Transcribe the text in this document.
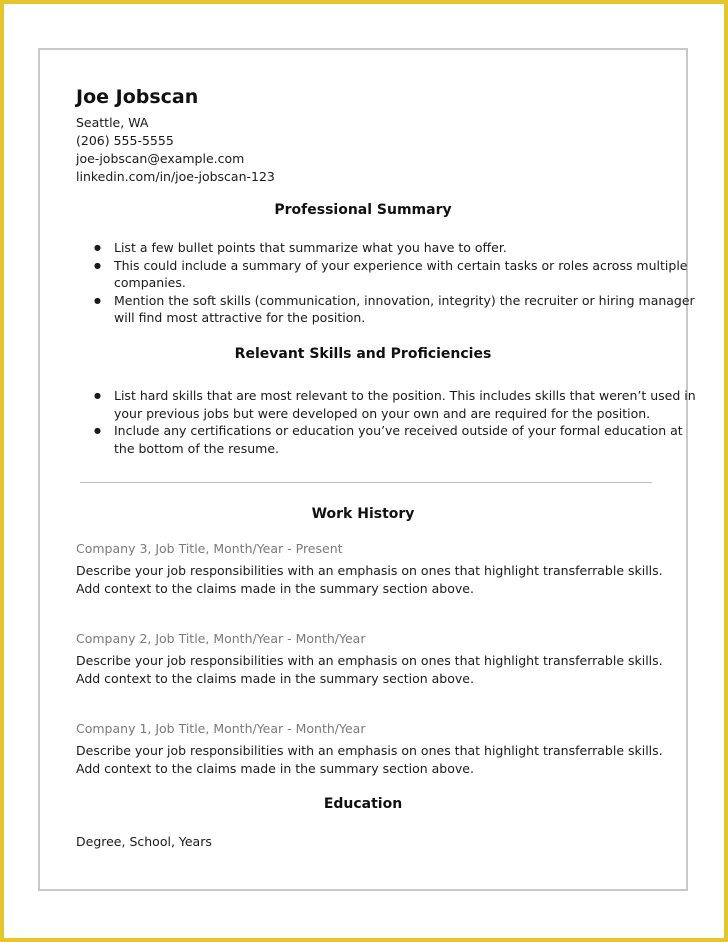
Joe Jobscan
Seattle, WA
(206) 555-5555
joe-jobscan@example.com
linkedin.com/in/joe-jobscan-123
Professional Summary
● List a few bullet points that summarize what you have to offer.
● This could include a summary of your experience with certain tasks or roles across multiple companies.
● Mention the soft skills (communication, innovation, integrity) the recruiter or hiring manager will find most attractive for the position.
Relevant Skills and Proficiencies
● List hard skills that are most relevant to the position. This includes skills that weren’t used in your previous jobs but were developed on your own and are required for the position.
● Include any certifications or education you’ve received outside of your formal education at the bottom of the resume.
Work History
Company 3, Job Title, Month/Year - Present
Describe your job responsibilities with an emphasis on ones that highlight transferrable skills.
Add context to the claims made in the summary section above.
Company 2, Job Title, Month/Year - Month/Year
Describe your job responsibilities with an emphasis on ones that highlight transferrable skills.
Add context to the claims made in the summary section above.
Company 1, Job Title, Month/Year - Month/Year
Describe your job responsibilities with an emphasis on ones that highlight transferrable skills.
Add context to the claims made in the summary section above.
Education
Degree, School, Years
